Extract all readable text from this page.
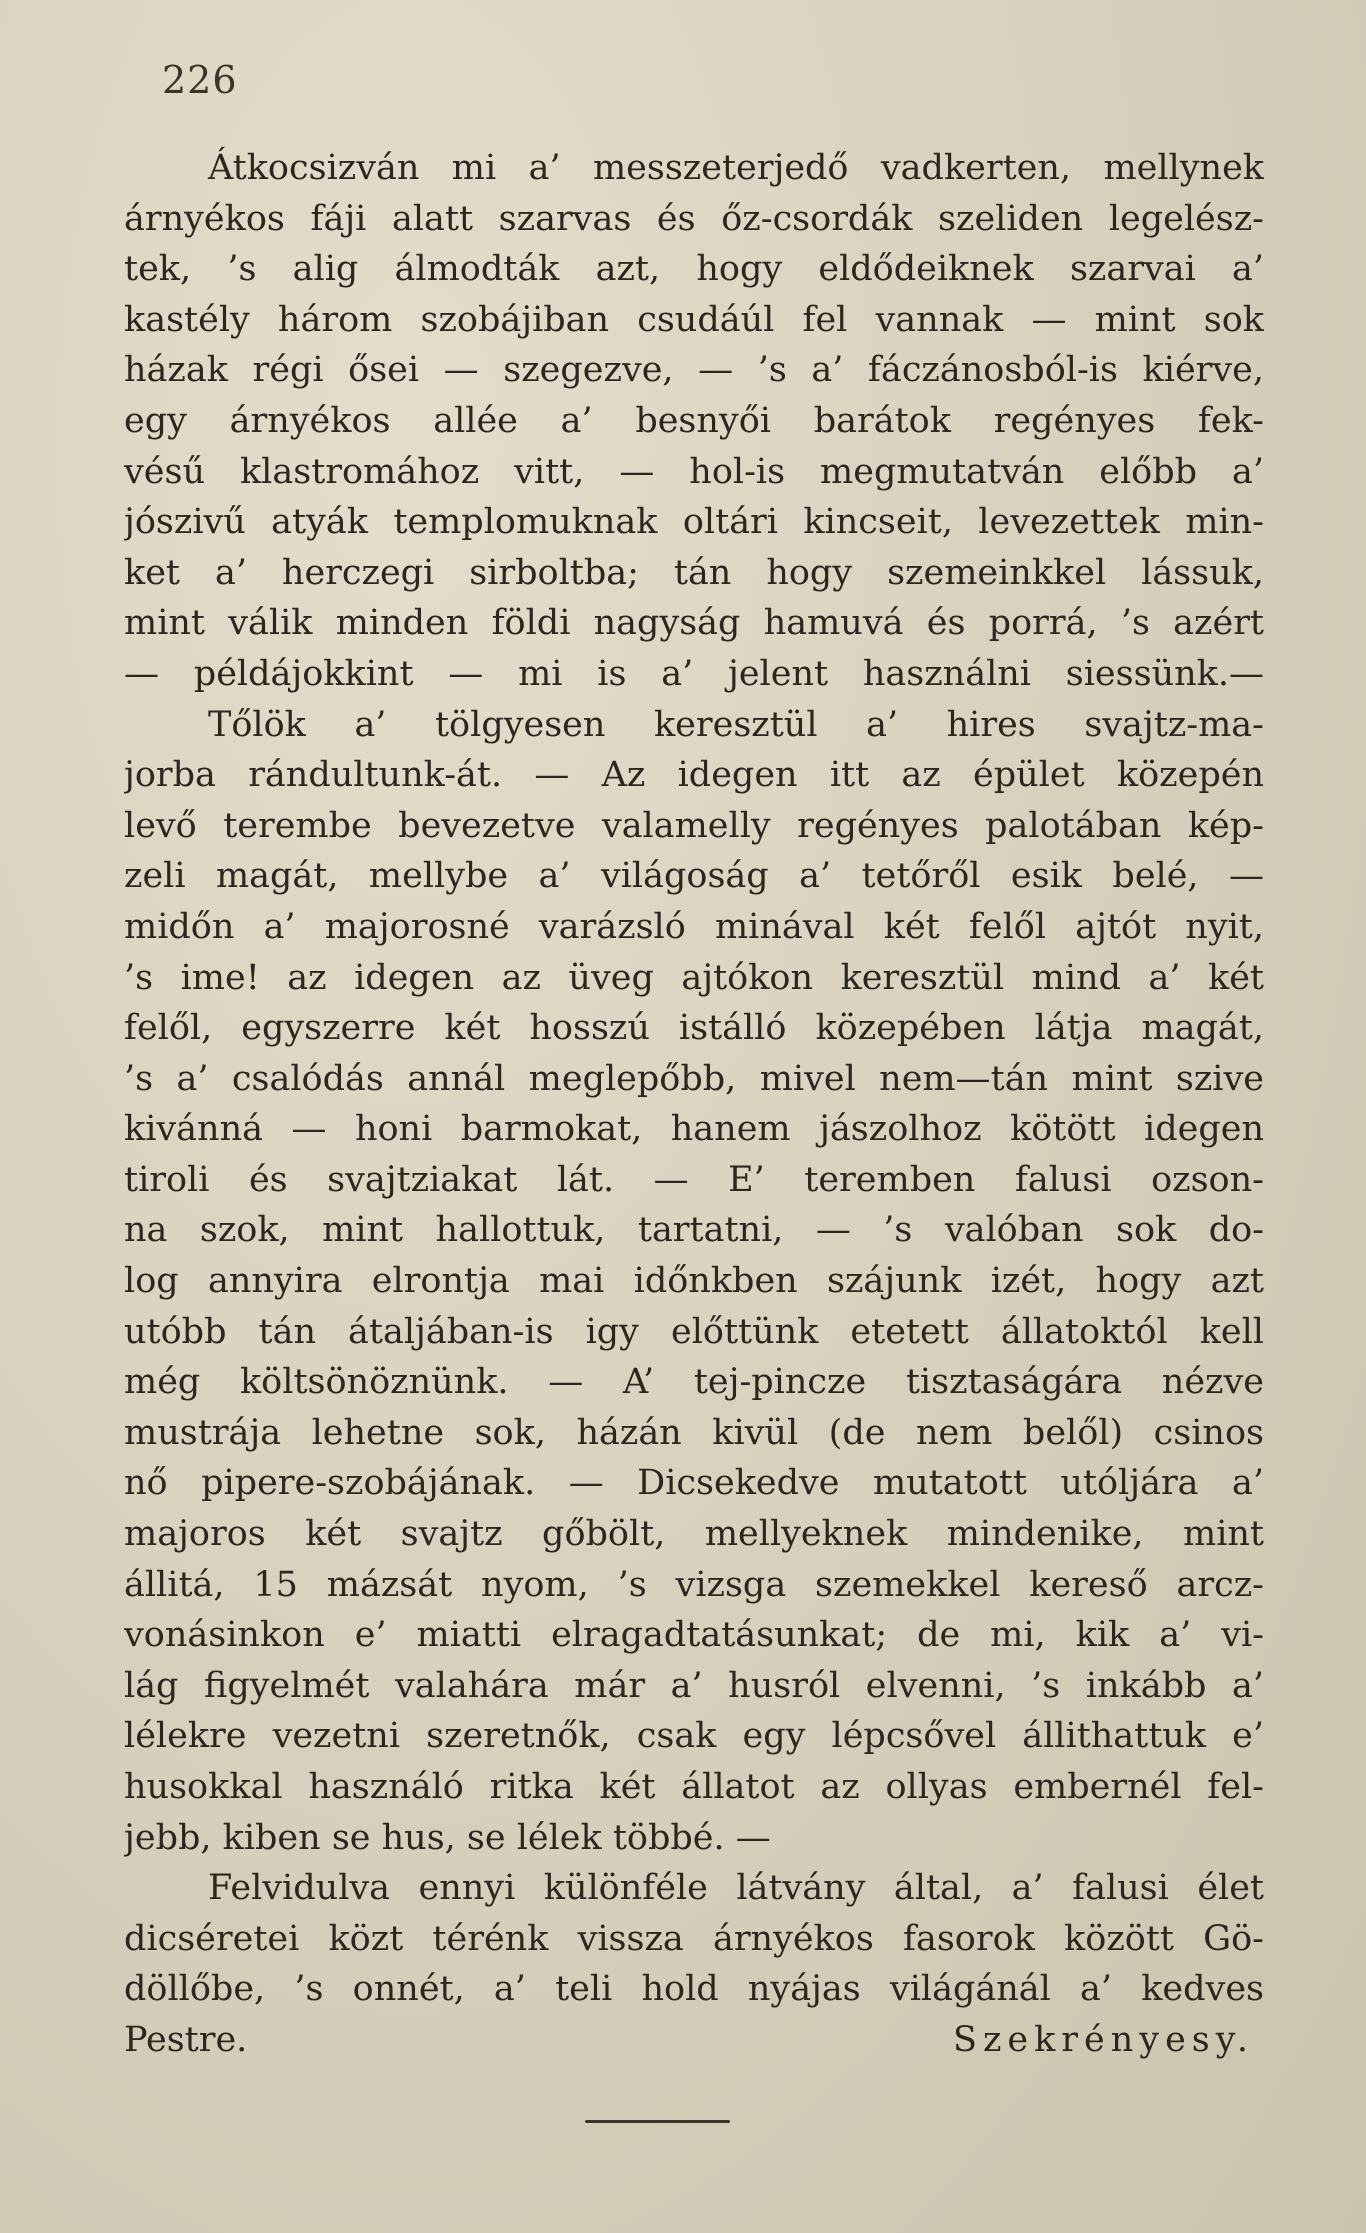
226
Átkocsizván mi a’ messzeterjedő vadkerten, mellynek
árnyékos fáji alatt szarvas és őz-csordák szeliden legelész-
tek, ’s alig álmodták azt, hogy eldődeiknek szarvai a’
kastély három szobájiban csudáúl fel vannak — mint sok
házak régi ősei — szegezve, — ’s a’ fáczánosból-is kiérve,
egy árnyékos allée a’ besnyői barátok regényes fek-
vésű klastromához vitt, — hol-is megmutatván előbb a’
jószivű atyák templomuknak oltári kincseit, levezettek min-
ket a’ herczegi sirboltba; tán hogy szemeinkkel lássuk,
mint válik minden földi nagyság hamuvá és porrá, ’s azért
— példájokkint — mi is a’ jelent használni siessünk.—
Tőlök a’ tölgyesen keresztül a’ hires svajtz-ma-
jorba rándultunk-át. — Az idegen itt az épület közepén
levő terembe bevezetve valamelly regényes palotában kép-
zeli magát, mellybe a’ világoság a’ tetőről esik belé, —
midőn a’ majorosné varázsló minával két felől ajtót nyit,
’s ime! az idegen az üveg ajtókon keresztül mind a’ két
felől, egyszerre két hosszú istálló közepében látja magát,
’s a’ csalódás annál meglepőbb, mivel nem—tán mint szive
kivánná — honi barmokat, hanem jászolhoz kötött idegen
tiroli és svajtziakat lát. — E’ teremben falusi ozson-
na szok, mint hallottuk, tartatni, — ’s valóban sok do-
log annyira elrontja mai időnkben szájunk izét, hogy azt
utóbb tán átaljában-is igy előttünk etetett állatoktól kell
még költsönöznünk. — A’ tej-pincze tisztaságára nézve
mustrája lehetne sok, házán kivül (de nem belől) csinos
nő pipere-szobájának. — Dicsekedve mutatott utóljára a’
majoros két svajtz gőbölt, mellyeknek mindenike, mint
állitá, 15 mázsát nyom, ’s vizsga szemekkel kereső arcz-
vonásinkon e’ miatti elragadtatásunkat; de mi, kik a’ vi-
lág figyelmét valahára már a’ husról elvenni, ’s inkább a’
lélekre vezetni szeretnők, csak egy lépcsővel állithattuk e’
husokkal használó ritka két állatot az ollyas embernél fel-
jebb, kiben se hus, se lélek többé. —
Felvidulva ennyi különféle látvány által, a’ falusi élet
dicséretei közt térénk vissza árnyékos fasorok között Gö-
döllőbe, ’s onnét, a’ teli hold nyájas világánál a’ kedves
Pestre.	Szekrényesy.
